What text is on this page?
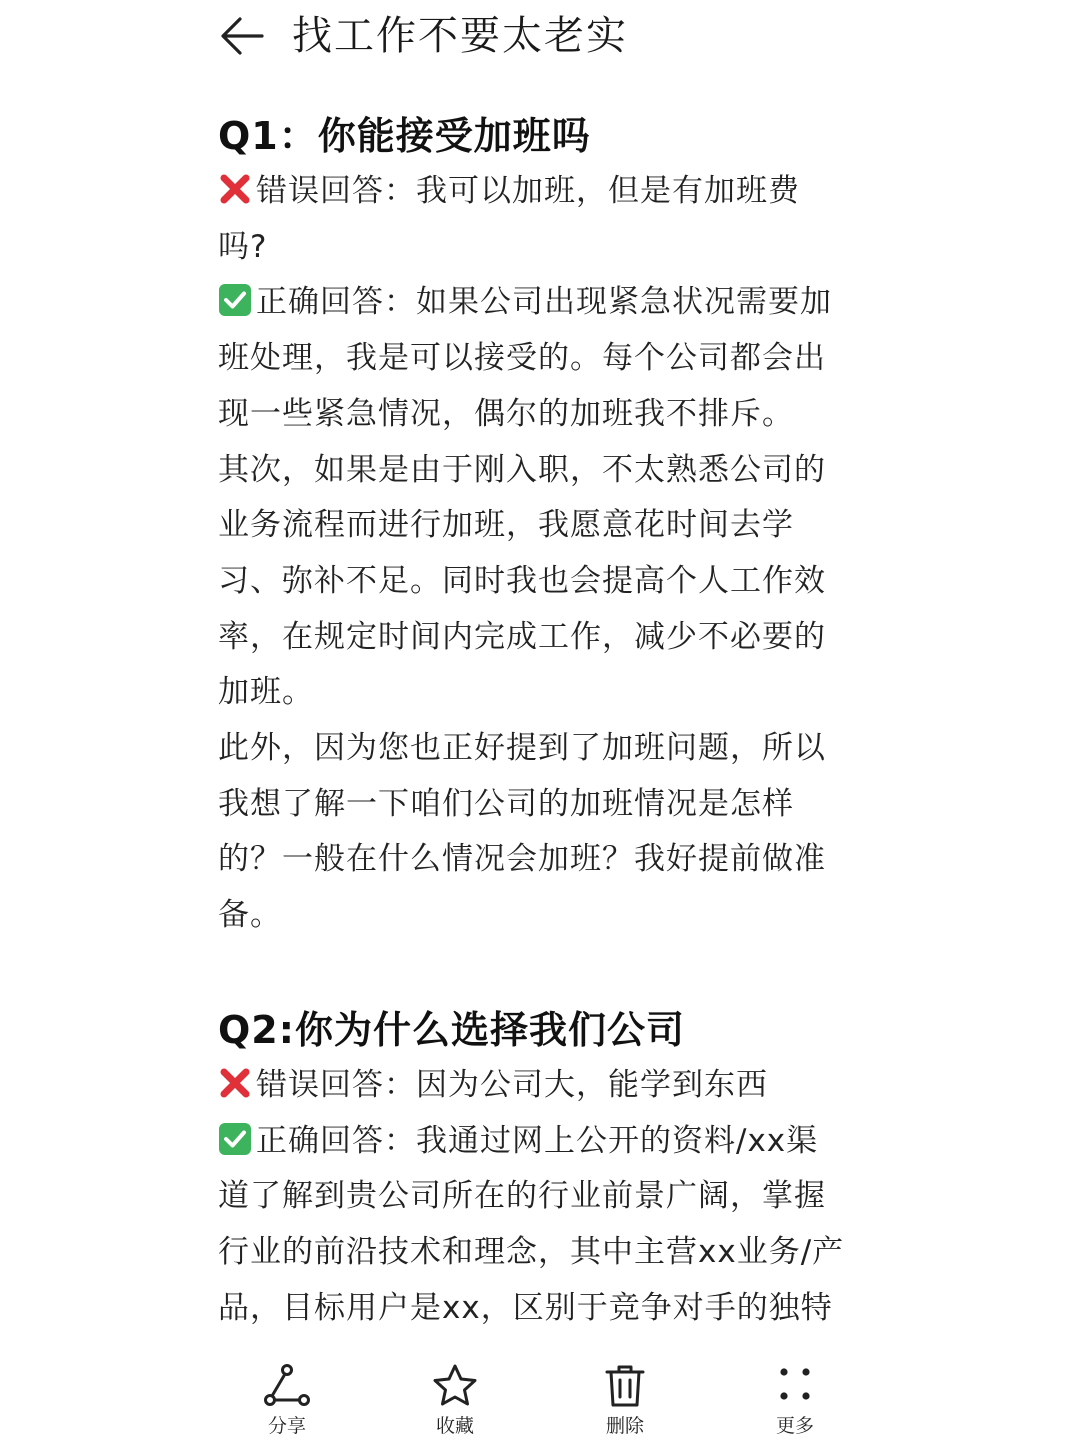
找工作不要太老实
Q1：你能接受加班吗
错误回答：我可以加班，但是有加班费
吗?
正确回答：如果公司出现紧急状况需要加
班处理，我是可以接受的。每个公司都会出
现一些紧急情况，偶尔的加班我不排斥。
其次，如果是由于刚入职，不太熟悉公司的
业务流程而进行加班，我愿意花时间去学
习、弥补不足。同时我也会提高个人工作效
率，在规定时间内完成工作，减少不必要的
加班。
此外，因为您也正好提到了加班问题，所以
我想了解一下咱们公司的加班情况是怎样
的？一般在什么情况会加班？我好提前做准
备。
Q2:你为什么选择我们公司
错误回答：因为公司大，能学到东西
正确回答：我通过网上公开的资料/xx渠
道了解到贵公司所在的行业前景广阔，掌握
行业的前沿技术和理念，其中主营xx业务/产
品，目标用户是xx，区别于竞争对手的独特
分享	收藏	删除	更多
